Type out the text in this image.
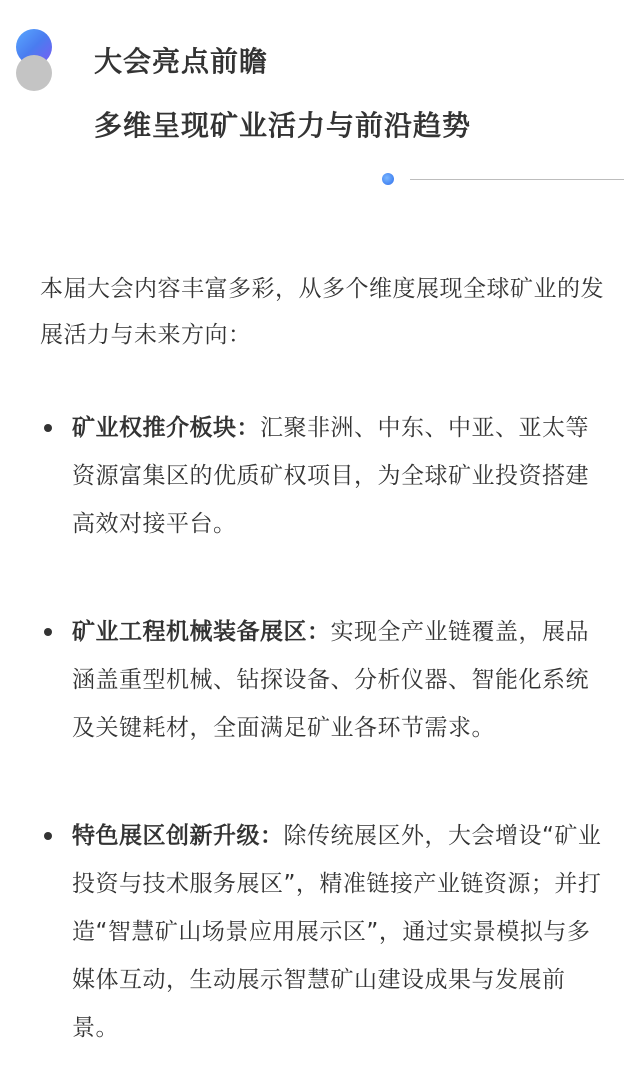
大会亮点前瞻
多维呈现矿业活力与前沿趋势

本届大会内容丰富多彩，从多个维度展现全球矿业的发展活力与未来方向：

矿业权推介板块：汇聚非洲、中东、中亚、亚太等资源富集区的优质矿权项目，为全球矿业投资搭建高效对接平台。
矿业工程机械装备展区：实现全产业链覆盖，展品涵盖重型机械、钻探设备、分析仪器、智能化系统及关键耗材，全面满足矿业各环节需求。
特色展区创新升级：除传统展区外，大会增设“矿业投资与技术服务展区”，精准链接产业链资源；并打造“智慧矿山场景应用展示区”，通过实景模拟与多媒体互动，生动展示智慧矿山建设成果与发展前景。
